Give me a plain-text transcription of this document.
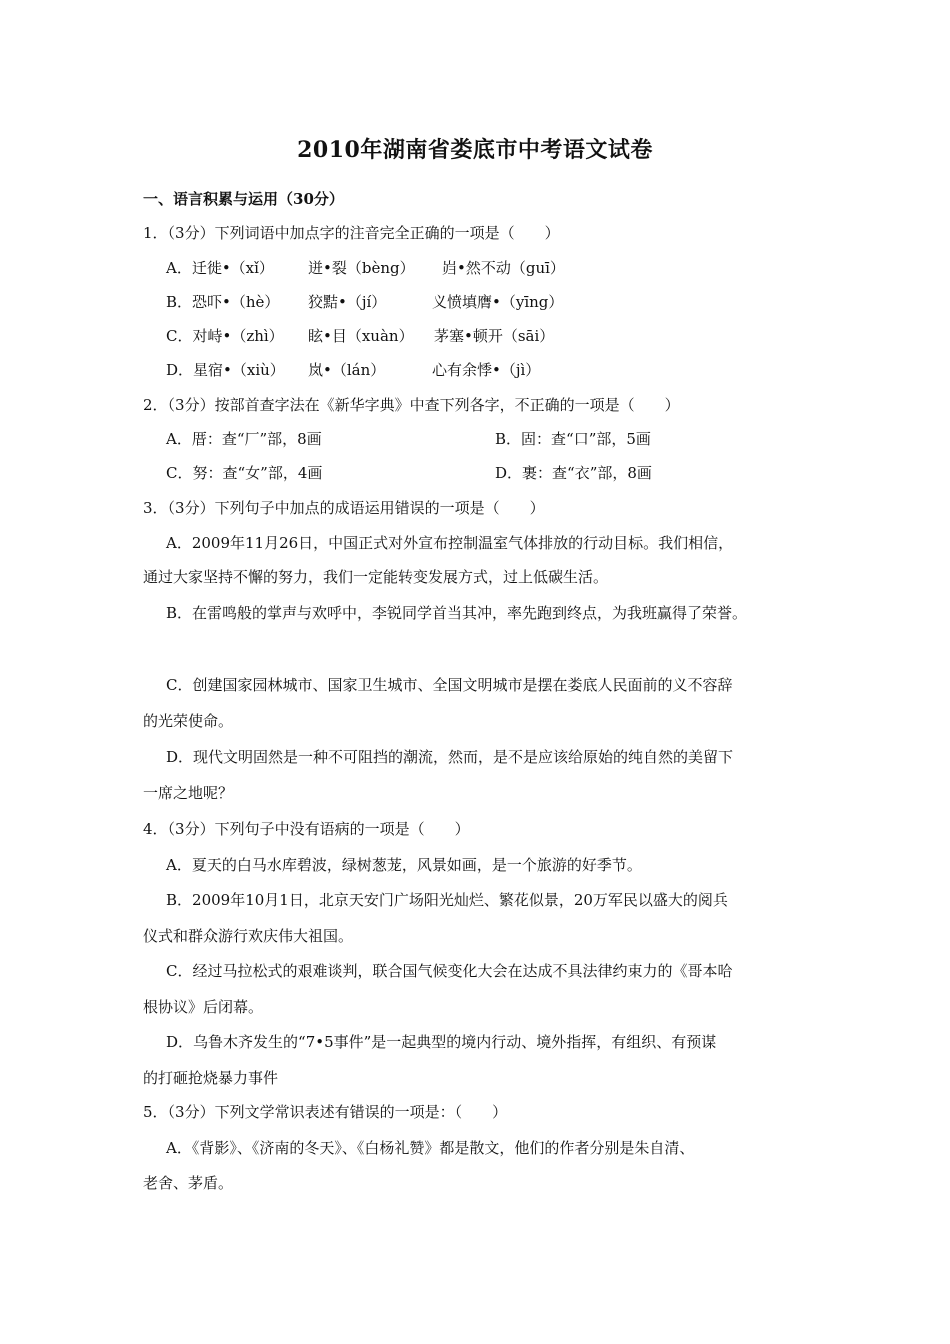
2010年湖南省娄底市中考语文试卷
一、语言积累与运用（30分）
1．（3分）下列词语中加点字的注音完全正确的一项是（　　）
A．迁徙•（xǐ） 迸•裂（bèng） 岿•然不动（guī）
B．恐吓•（hè） 狡黠•（jí）	义愤填膺•（yīng）
C．对峙•（zhì） 眩•目（xuàn） 茅塞•顿开（sāi）
D．星宿•（xiù） 岚•（lán）	心有余悸•（jì）
2．（3分）按部首查字法在《新华字典》中查下列各字，不正确的一项是（　　）
A．厝：查“厂”部，8画	B．固：查“口”部，5画
C．努：查“女”部，4画	D．裹：查“衣”部，8画
3．（3分）下列句子中加点的成语运用错误的一项是（　　）
A．2009年11月26日，中国正式对外宣布控制温室气体排放的行动目标。我们相信，
通过大家坚持不懈的努力，我们一定能转变发展方式，过上低碳生活。
B．在雷鸣般的掌声与欢呼中，李锐同学首当其冲，率先跑到终点，为我班赢得了荣誉。
C．创建国家园林城市、国家卫生城市、全国文明城市是摆在娄底人民面前的义不容辞
的光荣使命。
D．现代文明固然是一种不可阻挡的潮流，然而，是不是应该给原始的纯自然的美留下
一席之地呢？
4．（3分）下列句子中没有语病的一项是（　　）
A．夏天的白马水库碧波，绿树葱茏，风景如画，是一个旅游的好季节。
B．2009年10月1日，北京天安门广场阳光灿烂、繁花似景，20万军民以盛大的阅兵
仪式和群众游行欢庆伟大祖国。
C．经过马拉松式的艰难谈判，联合国气候变化大会在达成不具法律约束力的《哥本哈
根协议》后闭幕。
D．乌鲁木齐发生的“7•5事件”是一起典型的境内行动、境外指挥，有组织、有预谋
的打砸抢烧暴力事件
5．（3分）下列文学常识表述有错误的一项是：（　　）
A．《背影》、《济南的冬天》、《白杨礼赞》都是散文，他们的作者分别是朱自清、
老舍、茅盾。
